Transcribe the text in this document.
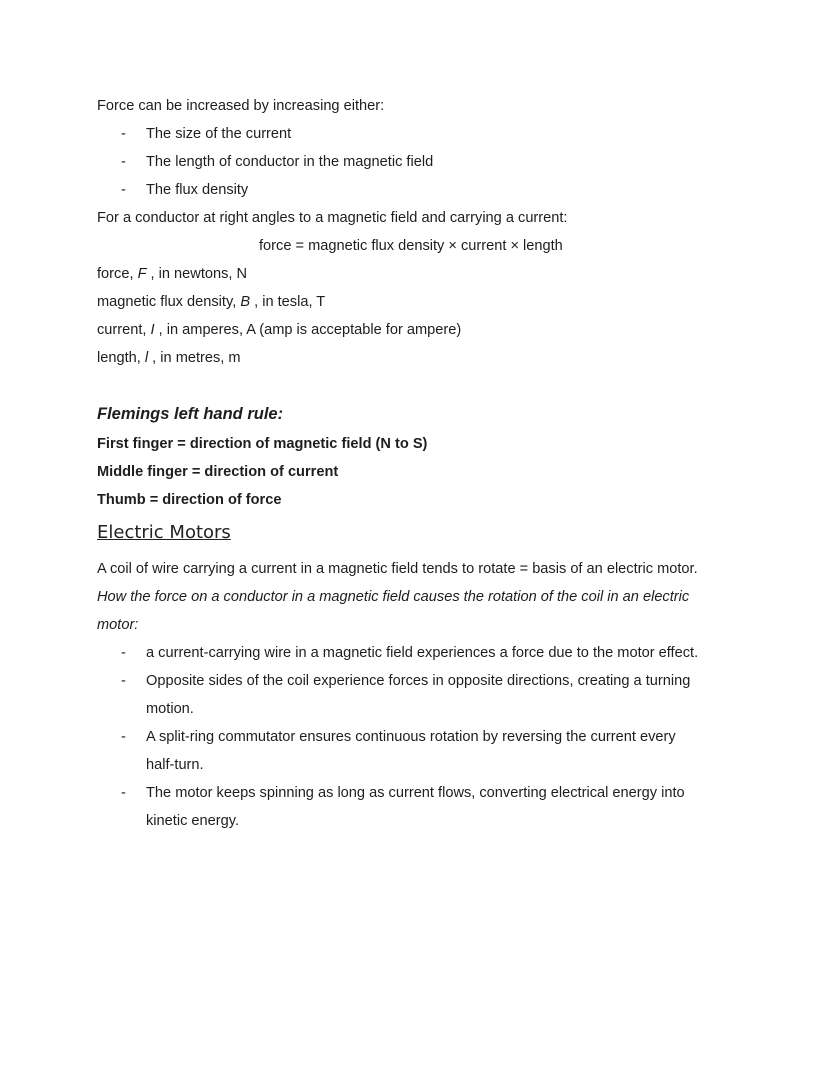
Force can be increased by increasing either:
- The size of the current
- The length of conductor in the magnetic field
- The flux density
For a conductor at right angles to a magnetic field and carrying a current:
force = magnetic flux density × current × length
force, F , in newtons, N
magnetic flux density, B , in tesla, T
current, I , in amperes, A (amp is acceptable for ampere)
length, l , in metres, m
Flemings left hand rule:
First finger = direction of magnetic field (N to S)
Middle finger = direction of current
Thumb = direction of force
Electric Motors
A coil of wire carrying a current in a magnetic field tends to rotate = basis of an electric motor.
How the force on a conductor in a magnetic field causes the rotation of the coil in an electric
motor:
- a current-carrying wire in a magnetic field experiences a force due to the motor effect.
- Opposite sides of the coil experience forces in opposite directions, creating a turning
motion.
- A split-ring commutator ensures continuous rotation by reversing the current every
half-turn.
- The motor keeps spinning as long as current flows, converting electrical energy into
kinetic energy.
